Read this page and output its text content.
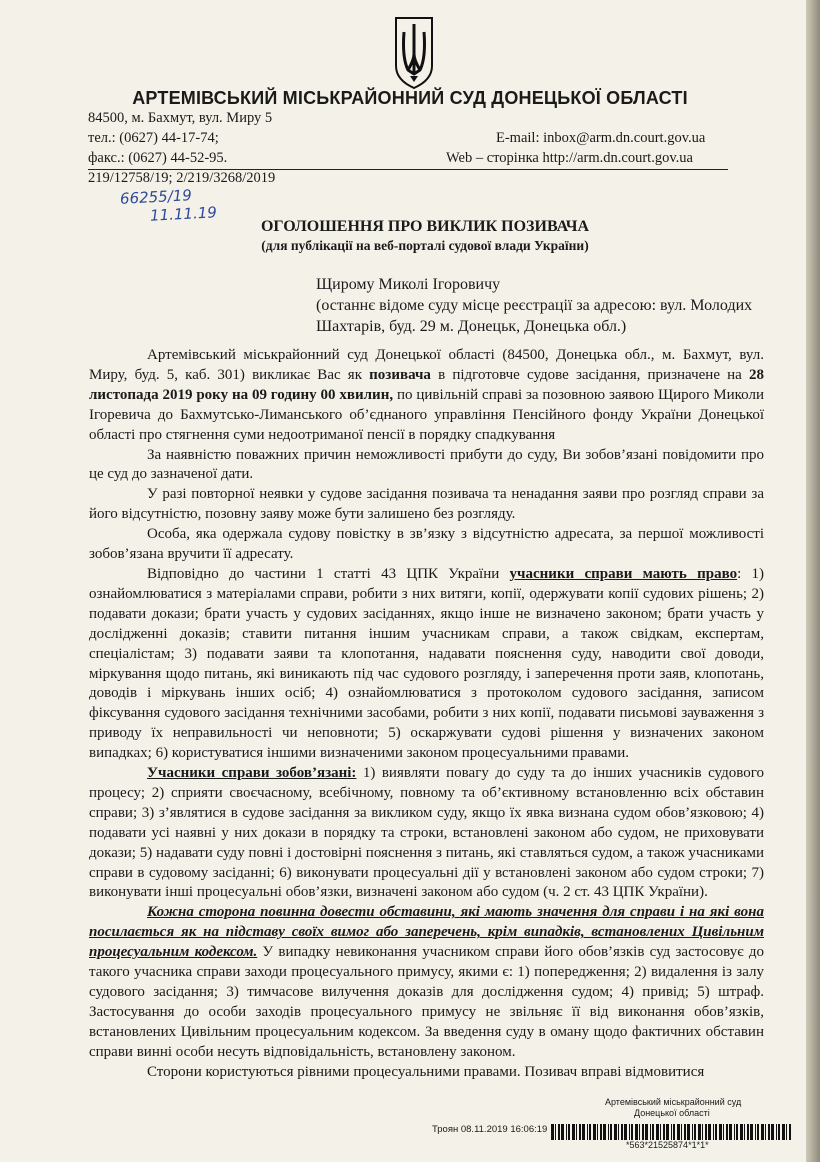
АРТЕМІВСЬКИЙ МІСЬКРАЙОННИЙ СУД ДОНЕЦЬКОЇ ОБЛАСТІ
84500, м. Бахмут, вул. Миру 5
тел.: (0627) 44-17-74;	E-mail: inbox@arm.dn.court.gov.ua
факс.: (0627) 44-52-95.	Web – сторінка http://arm.dn.court.gov.ua
219/12758/19; 2/219/3268/2019
66255/19
11.11.19
ОГОЛОШЕННЯ ПРО ВИКЛИК ПОЗИВАЧА
(для публікації на веб-порталі судової влади України)
Щирому Миколі Ігоровичу
(останнє відоме суду місце реєстрації за адресою: вул. Молодих
Шахтарів, буд. 29 м. Донецьк, Донецька обл.)

Артемівський міськрайонний суд Донецької області (84500, Донецька обл., м. Бахмут, вул. Миру, буд. 5, каб. 301) викликає Вас як позивача в підготовче судове засідання, призначене на 28 листопада 2019 року на 09 годину 00 хвилин, по цивільній справі за позовною заявою Щирого Миколи Ігоревича до Бахмутсько-Лиманського об’єднаного управління Пенсійного фонду України Донецької області про стягнення суми недоотриманої пенсії в порядку спадкування

За наявністю поважних причин неможливості прибути до суду, Ви зобов’язані повідомити про це суд до зазначеної дати.

У разі повторної неявки у судове засідання позивача та ненадання заяви про розгляд справи за його відсутністю, позовну заяву може бути залишено без розгляду.

Особа, яка одержала судову повістку в зв’язку з відсутністю адресата, за першої можливості зобов’язана вручити її адресату.

Відповідно до частини 1 статті 43 ЦПК України учасники справи мають право: 1) ознайомлюватися з матеріалами справи, робити з них витяги, копії, одержувати копії судових рішень; 2) подавати докази; брати участь у судових засіданнях, якщо інше не визначено законом; брати участь у дослідженні доказів; ставити питання іншим учасникам справи, а також свідкам, експертам, спеціалістам; 3) подавати заяви та клопотання, надавати пояснення суду, наводити свої доводи, міркування щодо питань, які виникають під час судового розгляду, і заперечення проти заяв, клопотань, доводів і міркувань інших осіб; 4) ознайомлюватися з протоколом судового засідання, записом фіксування судового засідання технічними засобами, робити з них копії, подавати письмові зауваження з приводу їх неправильності чи неповноти; 5) оскаржувати судові рішення у визначених законом випадках; 6) користуватися іншими визначеними законом процесуальними правами.

Учасники справи зобов’язані: 1) виявляти повагу до суду та до інших учасників судового процесу; 2) сприяти своєчасному, всебічному, повному та об’єктивному встановленню всіх обставин справи; 3) з’являтися в судове засідання за викликом суду, якщо їх явка визнана судом обов’язковою; 4) подавати усі наявні у них докази в порядку та строки, встановлені законом або судом, не приховувати докази; 5) надавати суду повні і достовірні пояснення з питань, які ставляться судом, а також учасниками справи в судовому засіданні; 6) виконувати процесуальні дії у встановлені законом або судом строки; 7) виконувати інші процесуальні обов’язки, визначені законом або судом (ч. 2 ст. 43 ЦПК України).

Кожна сторона повинна довести обставини, які мають значення для справи і на які вона посилається як на підставу своїх вимог або заперечень, крім випадків, встановлених Цивільним процесуальним кодексом. У випадку невиконання учасником справи його обов’язків суд застосовує до такого учасника справи заходи процесуального примусу, якими є: 1) попередження; 2) видалення із залу судового засідання; 3) тимчасове вилучення доказів для дослідження судом; 4) привід; 5) штраф. Застосування до особи заходів процесуального примусу не звільняє її від виконання обов’язків, встановлених Цивільним процесуальним кодексом. За введення суду в оману щодо фактичних обставин справи винні особи несуть відповідальність, встановлену законом.

Сторони користуються рівними процесуальними правами. Позивач вправі відмовитися

Артемівський міськрайонний суд
Донецької області
Троян 08.11.2019 16:06:19
*563*21525874*1*1*
